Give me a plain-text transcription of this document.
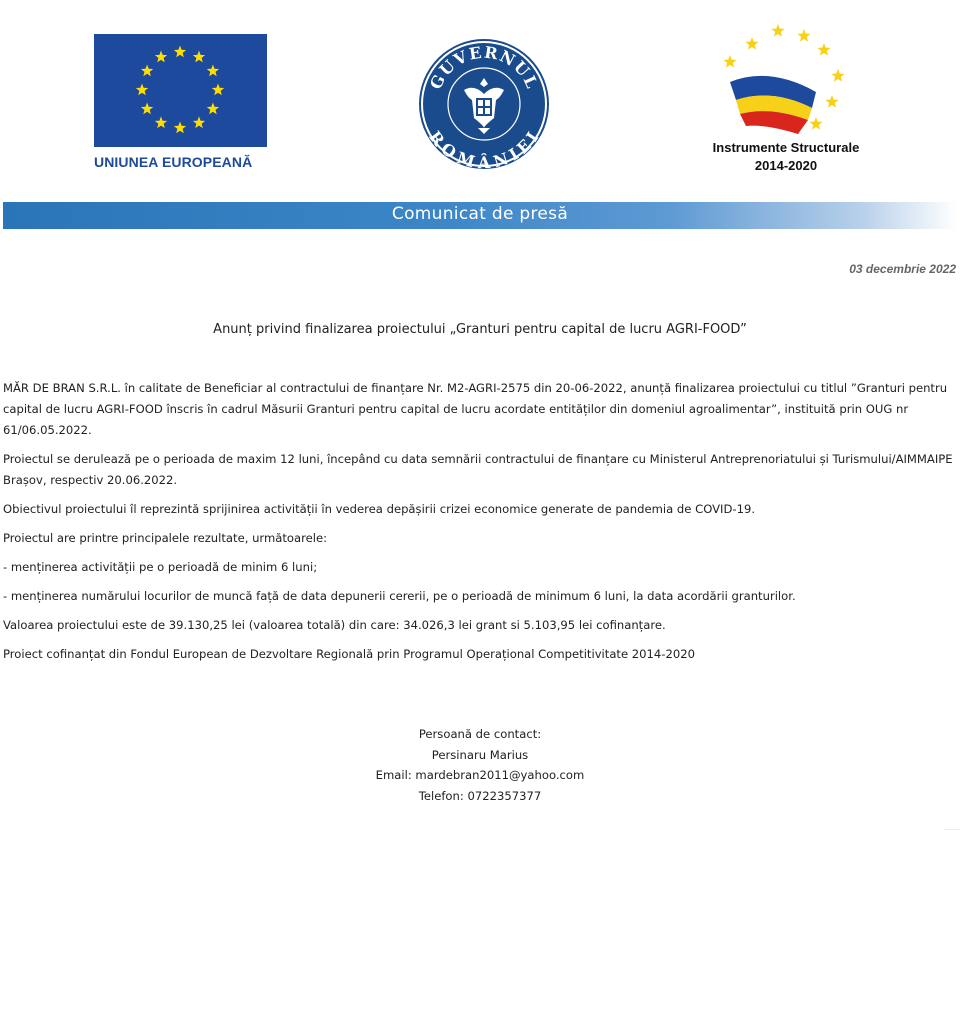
UNIUNEA EUROPEANĂ
GUVERNUL
ROMÂNIEI
Instrumente Structurale
2014-2020
Comunicat de presă
03 decembrie 2022
Anunț privind finalizarea proiectului „Granturi pentru capital de lucru AGRI-FOOD”

MĂR DE BRAN S.R.L. în calitate de Beneficiar al contractului de finanțare Nr. M2-AGRI-2575 din 20-06-2022, anunță finalizarea proiectului cu titlul ”Granturi pentru capital de lucru AGRI-FOOD înscris în cadrul Măsurii Granturi pentru capital de lucru acordate entităților din domeniul agroalimentar”, instituită prin OUG nr 61/06.05.2022.

Proiectul se derulează pe o perioada de maxim 12 luni, începând cu data semnării contractului de finanțare cu Ministerul Antreprenoriatului și Turismului/AIMMAIPE Brașov, respectiv 20.06.2022.

Obiectivul proiectului îl reprezintă sprijinirea activității în vederea depășirii crizei economice generate de pandemia de COVID-19.

Proiectul are printre principalele rezultate, următoarele:

- menținerea activității pe o perioadă de minim 6 luni;

- menținerea numărului locurilor de muncă față de data depunerii cererii, pe o perioadă de minimum 6 luni, la data acordării granturilor.

Valoarea proiectului este de 39.130,25 lei (valoarea totală) din care: 34.026,3 lei grant si 5.103,95 lei cofinanțare.

Proiect cofinanțat din Fondul European de Dezvoltare Regională prin Programul Operațional Competitivitate 2014-2020

Persoană de contact:
Persinaru Marius
Email: mardebran2011@yahoo.com
Telefon: 0722357377
